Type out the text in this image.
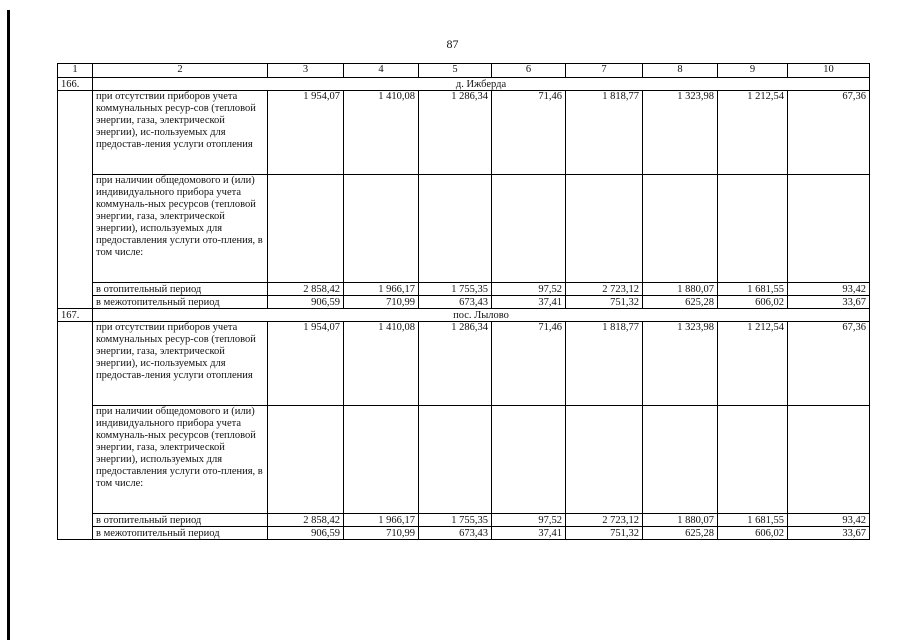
87
1	2	3	4	5	6	7	8	9	10
166.	д. Ижберда								
	при отсутствии приборов учета коммунальных ресур-сов (тепловой энергии, газа, электрической энергии), ис-пользуемых для предостав-ления услуги отопления	1 954,07	1 410,08	1 286,34	71,46	1 818,77	1 323,98	1 212,54	67,36
	при наличии общедомового и (или) индивидуального прибора учета коммуналь-ных ресурсов (тепловой энергии, газа, электрической энергии), используемых для предоставления услуги ото-пления, в том числе:								
	в отопительный период	2 858,42	1 966,17	1 755,35	97,52	2 723,12	1 880,07	1 681,55	93,42
	в межотопительный период	906,59	710,99	673,43	37,41	751,32	625,28	606,02	33,67
167.	пос. Лылово								
	при отсутствии приборов учета коммунальных ресур-сов (тепловой энергии, газа, электрической энергии), ис-пользуемых для предостав-ления услуги отопления	1 954,07	1 410,08	1 286,34	71,46	1 818,77	1 323,98	1 212,54	67,36
	при наличии общедомового и (или) индивидуального прибора учета коммуналь-ных ресурсов (тепловой энергии, газа, электрической энергии), используемых для предоставления услуги ото-пления, в том числе:								
	в отопительный период	2 858,42	1 966,17	1 755,35	97,52	2 723,12	1 880,07	1 681,55	93,42
	в межотопительный период	906,59	710,99	673,43	37,41	751,32	625,28	606,02	33,67
